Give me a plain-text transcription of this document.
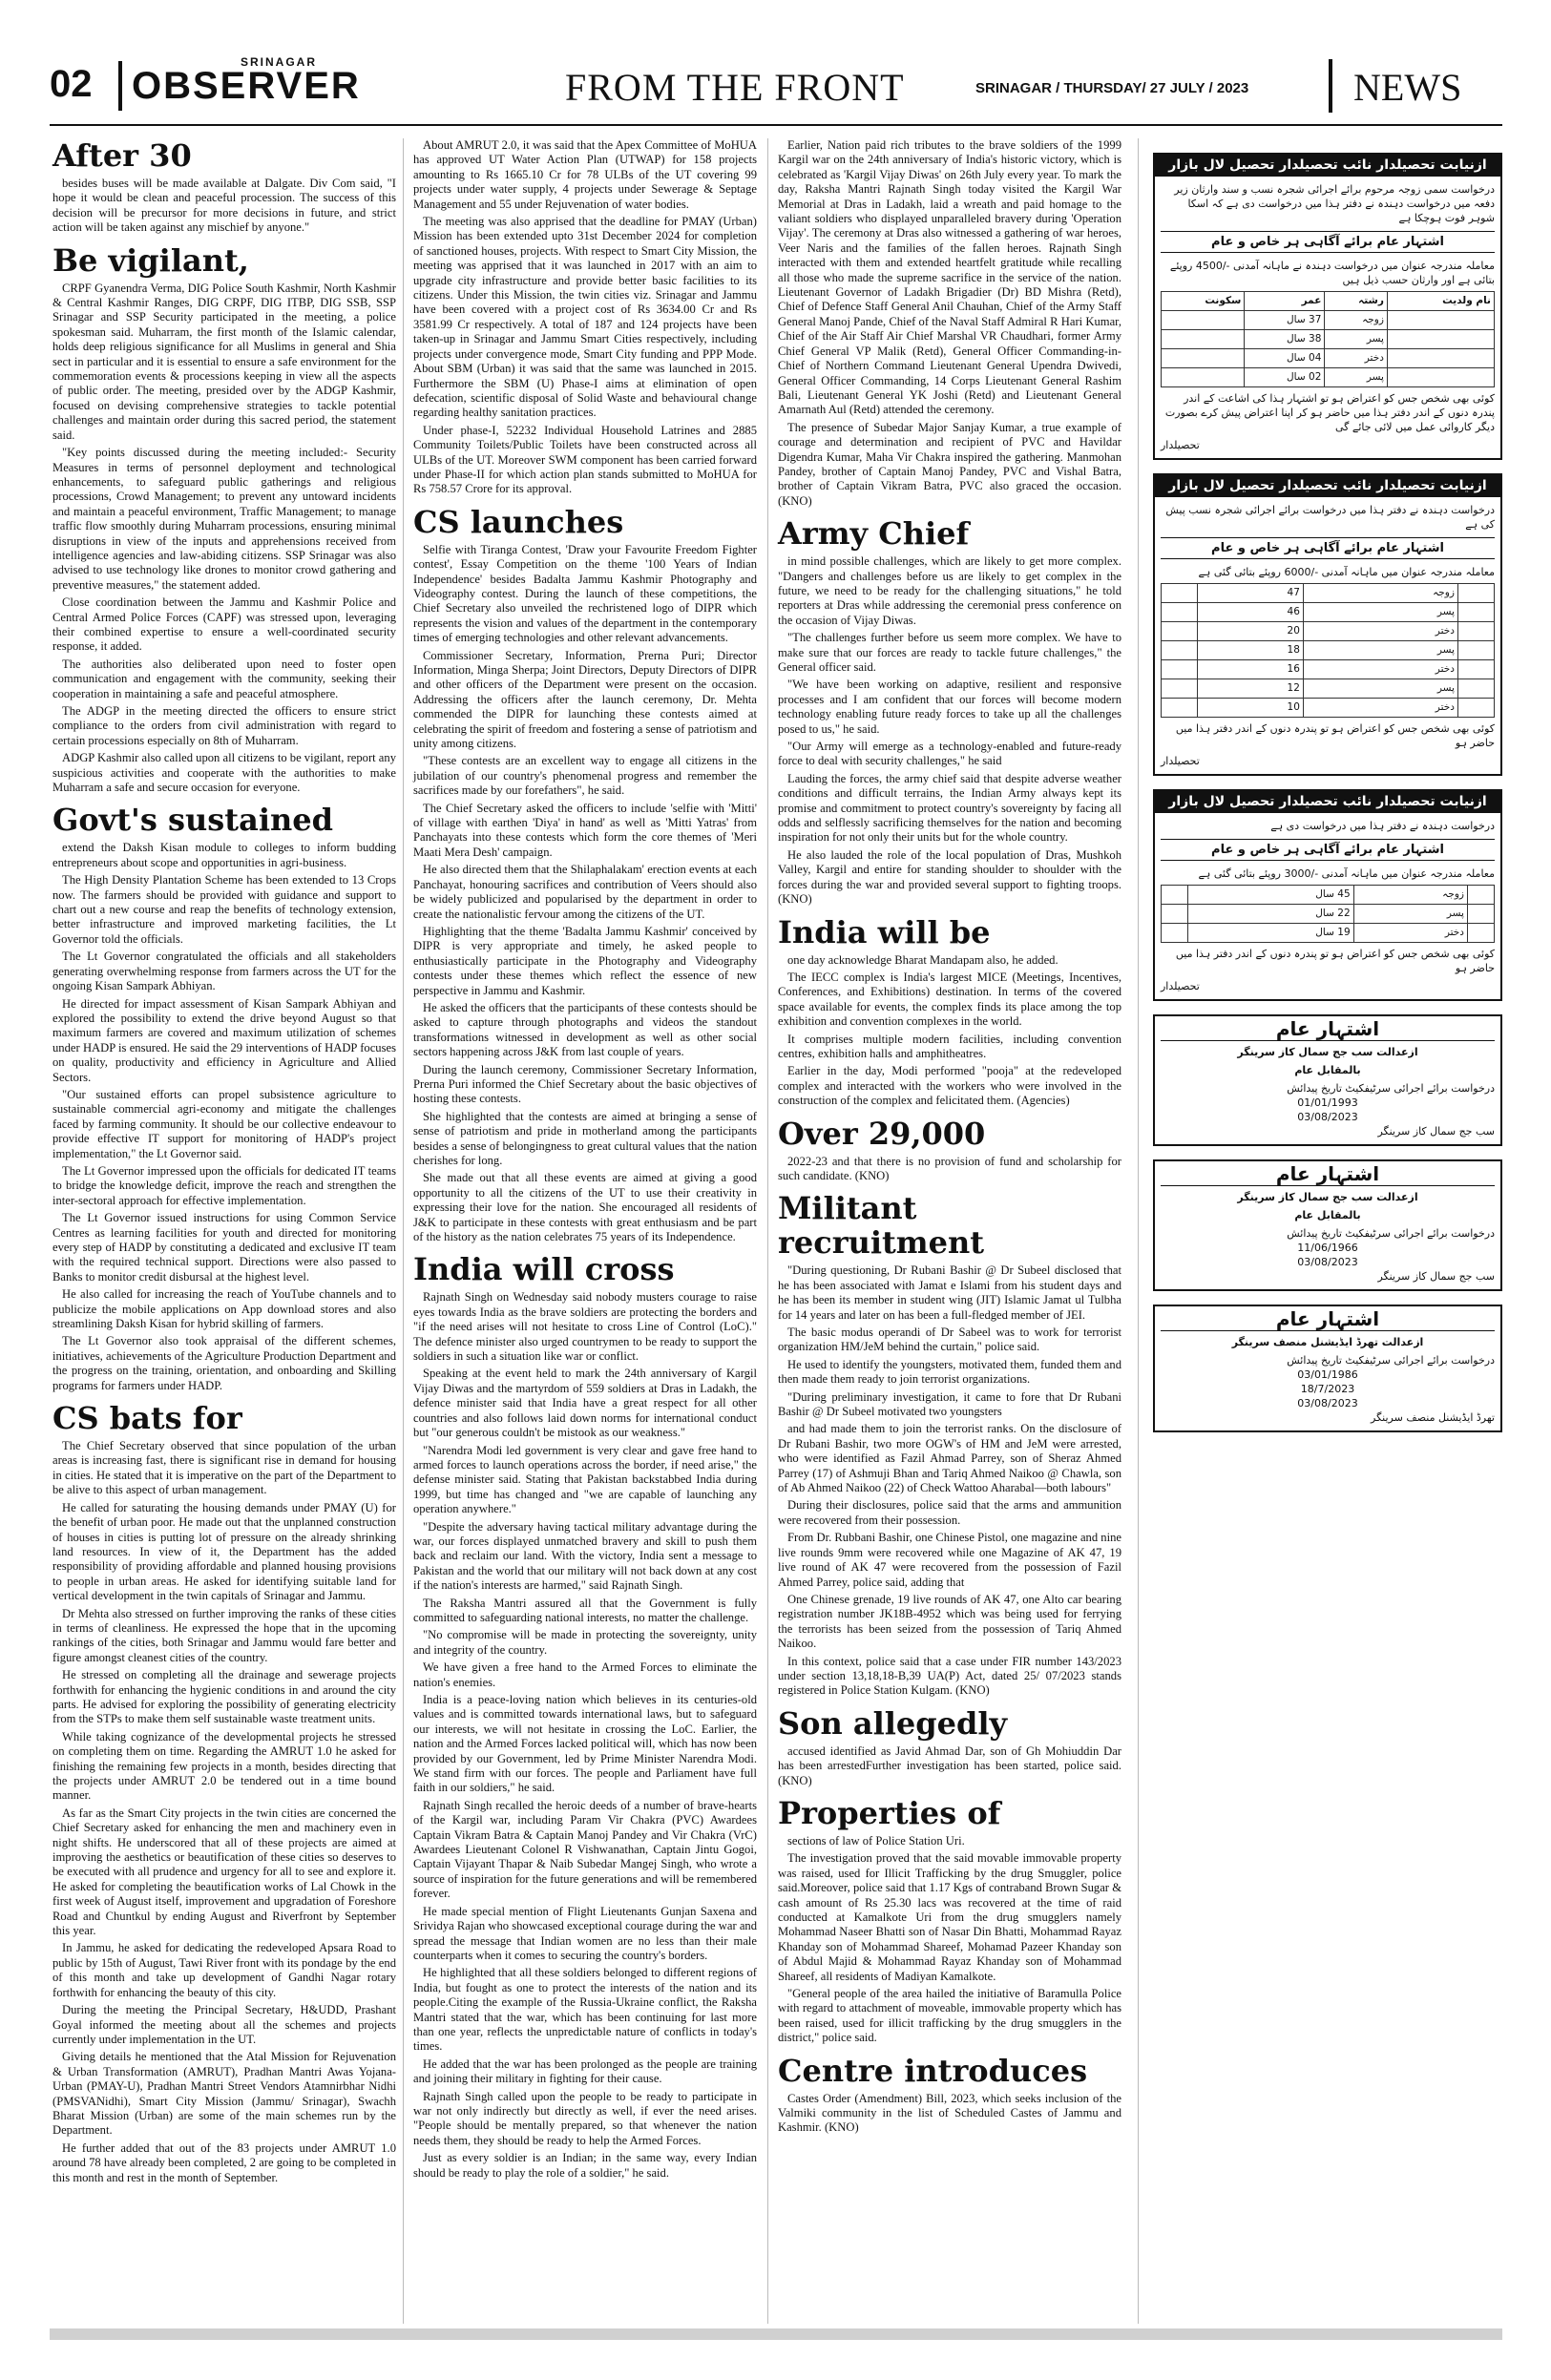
02
SRINAGAR
OBSERVER	FROM THE FRONT	SRINAGAR / THURSDAY/ 27 JULY / 2023	NEWS
After 30

besides buses will be made available at Dalgate. Div Com said, "I hope it would be clean and peaceful procession. The success of this decision will be precursor for more decisions in future, and strict action will be taken against any mischief by anyone."

Be vigilant,

CRPF Gyanendra Verma, DIG Police South Kashmir, North Kashmir & Central Kashmir Ranges, DIG CRPF, DIG ITBP, DIG SSB, SSP Srinagar and SSP Security participated in the meeting, a police spokesman said. Muharram, the first month of the Islamic calendar, holds deep religious significance for all Muslims in general and Shia sect in particular and it is essential to ensure a safe environment for the commemoration events & processions keeping in view all the aspects of public order. The meeting, presided over by the ADGP Kashmir, focused on devising comprehensive strategies to tackle potential challenges and maintain order during this sacred period, the statement said.

"Key points discussed during the meeting included:- Security Measures in terms of personnel deployment and technological enhancements, to safeguard public gatherings and religious processions, Crowd Management; to prevent any untoward incidents and maintain a peaceful environment, Traffic Management; to manage traffic flow smoothly during Muharram processions, ensuring minimal disruptions in view of the inputs and apprehensions received from intelligence agencies and law-abiding citizens. SSP Srinagar was also advised to use technology like drones to monitor crowd gathering and preventive measures," the statement added.

Close coordination between the Jammu and Kashmir Police and Central Armed Police Forces (CAPF) was stressed upon, leveraging their combined expertise to ensure a well-coordinated security response, it added.

The authorities also deliberated upon need to foster open communication and engagement with the community, seeking their cooperation in maintaining a safe and peaceful atmosphere.

The ADGP in the meeting directed the officers to ensure strict compliance to the orders from civil administration with regard to certain processions especially on 8th of Muharram.

ADGP Kashmir also called upon all citizens to be vigilant, report any suspicious activities and cooperate with the authorities to make Muharram a safe and secure occasion for everyone.

Govt's sustained

extend the Daksh Kisan module to colleges to inform budding entrepreneurs about scope and opportunities in agri-business.

The High Density Plantation Scheme has been extended to 13 Crops now. The farmers should be provided with guidance and support to chart out a new course and reap the benefits of technology extension, better infrastructure and improved marketing facilities, the Lt Governor told the officials.

The Lt Governor congratulated the officials and all stakeholders generating overwhelming response from farmers across the UT for the ongoing Kisan Sampark Abhiyan.

He directed for impact assessment of Kisan Sampark Abhiyan and explored the possibility to extend the drive beyond August so that maximum farmers are covered and maximum utilization of schemes under HADP is ensured. He said the 29 interventions of HADP focuses on quality, productivity and efficiency in Agriculture and Allied Sectors.

"Our sustained efforts can propel subsistence agriculture to sustainable commercial agri-economy and mitigate the challenges faced by farming community. It should be our collective endeavour to provide effective IT support for monitoring of HADP's project implementation," the Lt Governor said.

The Lt Governor impressed upon the officials for dedicated IT teams to bridge the knowledge deficit, improve the reach and strengthen the inter-sectoral approach for effective implementation.

The Lt Governor issued instructions for using Common Service Centres as learning facilities for youth and directed for monitoring every step of HADP by constituting a dedicated and exclusive IT team with the required technical support. Directions were also passed to Banks to monitor credit disbursal at the highest level.

He also called for increasing the reach of YouTube channels and to publicize the mobile applications on App download stores and also streamlining Daksh Kisan for hybrid skilling of farmers.

The Lt Governor also took appraisal of the different schemes, initiatives, achievements of the Agriculture Production Department and the progress on the training, orientation, and onboarding and Skilling programs for farmers under HADP.

CS bats for

The Chief Secretary observed that since population of the urban areas is increasing fast, there is significant rise in demand for housing in cities. He stated that it is imperative on the part of the Department to be alive to this aspect of urban management.

He called for saturating the housing demands under PMAY (U) for the benefit of urban poor. He made out that the unplanned construction of houses in cities is putting lot of pressure on the already shrinking land resources. In view of it, the Department has the added responsibility of providing affordable and planned housing provisions to people in urban areas. He asked for identifying suitable land for vertical development in the twin capitals of Srinagar and Jammu.

Dr Mehta also stressed on further improving the ranks of these cities in terms of cleanliness. He expressed the hope that in the upcoming rankings of the cities, both Srinagar and Jammu would fare better and figure amongst cleanest cities of the country.

He stressed on completing all the drainage and sewerage projects forthwith for enhancing the hygienic conditions in and around the city parts. He advised for exploring the possibility of generating electricity from the STPs to make them self sustainable waste treatment units.

While taking cognizance of the developmental projects he stressed on completing them on time. Regarding the AMRUT 1.0 he asked for finishing the remaining few projects in a month, besides directing that the projects under AMRUT 2.0 be tendered out in a time bound manner.

As far as the Smart City projects in the twin cities are concerned the Chief Secretary asked for enhancing the men and machinery even in night shifts. He underscored that all of these projects are aimed at improving the aesthetics or beautification of these cities so deserves to be executed with all prudence and urgency for all to see and explore it. He asked for completing the beautification works of Lal Chowk in the first week of August itself, improvement and upgradation of Foreshore Road and Chuntkul by ending August and Riverfront by September this year.

In Jammu, he asked for dedicating the redeveloped Apsara Road to public by 15th of August, Tawi River front with its pondage by the end of this month and take up development of Gandhi Nagar rotary forthwith for enhancing the beauty of this city.

During the meeting the Principal Secretary, H&UDD, Prashant Goyal informed the meeting about all the schemes and projects currently under implementation in the UT.

Giving details he mentioned that the Atal Mission for Rejuvenation & Urban Transformation (AMRUT), Pradhan Mantri Awas Yojana-Urban (PMAY-U), Pradhan Mantri Street Vendors Atamnirbhar Nidhi (PMSVANidhi), Smart City Mission (Jammu/ Srinagar), Swachh Bharat Mission (Urban) are some of the main schemes run by the Department.

He further added that out of the 83 projects under AMRUT 1.0 around 78 have already been completed, 2 are going to be completed in this month and rest in the month of September.

About AMRUT 2.0, it was said that the Apex Committee of MoHUA has approved UT Water Action Plan (UTWAP) for 158 projects amounting to Rs 1665.10 Cr for 78 ULBs of the UT covering 99 projects under water supply, 4 projects under Sewerage & Septage Management and 55 under Rejuvenation of water bodies.

The meeting was also apprised that the deadline for PMAY (Urban) Mission has been extended upto 31st December 2024 for completion of sanctioned houses, projects. With respect to Smart City Mission, the meeting was apprised that it was launched in 2017 with an aim to upgrade city infrastructure and provide better basic facilities to its citizens. Under this Mission, the twin cities viz. Srinagar and Jammu have been covered with a project cost of Rs 3634.00 Cr and Rs 3581.99 Cr respectively. A total of 187 and 124 projects have been taken-up in Srinagar and Jammu Smart Cities respectively, including projects under convergence mode, Smart City funding and PPP Mode. About SBM (Urban) it was said that the same was launched in 2015. Furthermore the SBM (U) Phase-I aims at elimination of open defecation, scientific disposal of Solid Waste and behavioural change regarding healthy sanitation practices.

Under phase-I, 52232 Individual Household Latrines and 2885 Community Toilets/Public Toilets have been constructed across all ULBs of the UT. Moreover SWM component has been carried forward under Phase-II for which action plan stands submitted to MoHUA for Rs 758.57 Crore for its approval.

CS launches

Selfie with Tiranga Contest, 'Draw your Favourite Freedom Fighter contest', Essay Competition on the theme '100 Years of Indian Independence' besides Badalta Jammu Kashmir Photography and Videography contest. During the launch of these competitions, the Chief Secretary also unveiled the rechristened logo of DIPR which represents the vision and values of the department in the contemporary times of emerging technologies and other relevant advancements.

Commissioner Secretary, Information, Prerna Puri; Director Information, Minga Sherpa; Joint Directors, Deputy Directors of DIPR and other officers of the Department were present on the occasion. Addressing the officers after the launch ceremony, Dr. Mehta commended the DIPR for launching these contests aimed at celebrating the spirit of freedom and fostering a sense of patriotism and unity among citizens.

"These contests are an excellent way to engage all citizens in the jubilation of our country's phenomenal progress and remember the sacrifices made by our forefathers", he said.

The Chief Secretary asked the officers to include 'selfie with 'Mitti' of village with earthen 'Diya' in hand' as well as 'Mitti Yatras' from Panchayats into these contests which form the core themes of 'Meri Maati Mera Desh' campaign.

He also directed them that the Shilaphalakam' erection events at each Panchayat, honouring sacrifices and contribution of Veers should also be widely publicized and popularised by the department in order to create the nationalistic fervour among the citizens of the UT.

Highlighting that the theme 'Badalta Jammu Kashmir' conceived by DIPR is very appropriate and timely, he asked people to enthusiastically participate in the Photography and Videography contests under these themes which reflect the essence of new perspective in Jammu and Kashmir.

He asked the officers that the participants of these contests should be asked to capture through photographs and videos the standout transformations witnessed in development as well as other social sectors happening across J&K from last couple of years.

During the launch ceremony, Commissioner Secretary Information, Prerna Puri informed the Chief Secretary about the basic objectives of hosting these contests.

She highlighted that the contests are aimed at bringing a sense of sense of patriotism and pride in motherland among the participants besides a sense of belongingness to great cultural values that the nation cherishes for long.

She made out that all these events are aimed at giving a good opportunity to all the citizens of the UT to use their creativity in expressing their love for the nation. She encouraged all residents of J&K to participate in these contests with great enthusiasm and be part of the history as the nation celebrates 75 years of its Independence.

India will cross

Rajnath Singh on Wednesday said nobody musters courage to raise eyes towards India as the brave soldiers are protecting the borders and "if the need arises will not hesitate to cross Line of Control (LoC)." The defence minister also urged countrymen to be ready to support the soldiers in such a situation like war or conflict.

Speaking at the event held to mark the 24th anniversary of Kargil Vijay Diwas and the martyrdom of 559 soldiers at Dras in Ladakh, the defence minister said that India have a great respect for all other countries and also follows laid down norms for international conduct but "our generous couldn't be mistook as our weakness."

"Narendra Modi led government is very clear and gave free hand to armed forces to launch operations across the border, if need arise," the defense minister said. Stating that Pakistan backstabbed India during 1999, but time has changed and "we are capable of launching any operation anywhere."

"Despite the adversary having tactical military advantage during the war, our forces displayed unmatched bravery and skill to push them back and reclaim our land. With the victory, India sent a message to Pakistan and the world that our military will not back down at any cost if the nation's interests are harmed," said Rajnath Singh.

The Raksha Mantri assured all that the Government is fully committed to safeguarding national interests, no matter the challenge.

"No compromise will be made in protecting the sovereignty, unity and integrity of the country.

We have given a free hand to the Armed Forces to eliminate the nation's enemies.

India is a peace-loving nation which believes in its centuries-old values and is committed towards international laws, but to safeguard our interests, we will not hesitate in crossing the LoC. Earlier, the nation and the Armed Forces lacked political will, which has now been provided by our Government, led by Prime Minister Narendra Modi. We stand firm with our forces. The people and Parliament have full faith in our soldiers," he said.

Rajnath Singh recalled the heroic deeds of a number of brave-hearts of the Kargil war, including Param Vir Chakra (PVC) Awardees Captain Vikram Batra & Captain Manoj Pandey and Vir Chakra (VrC) Awardees Lieutenant Colonel R Vishwanathan, Captain Jintu Gogoi, Captain Vijayant Thapar & Naib Subedar Mangej Singh, who wrote a source of inspiration for the future generations and will be remembered forever.

He made special mention of Flight Lieutenants Gunjan Saxena and Srividya Rajan who showcased exceptional courage during the war and spread the message that Indian women are no less than their male counterparts when it comes to securing the country's borders.

He highlighted that all these soldiers belonged to different regions of India, but fought as one to protect the interests of the nation and its people.Citing the example of the Russia-Ukraine conflict, the Raksha Mantri stated that the war, which has been continuing for last more than one year, reflects the unpredictable nature of conflicts in today's times.

He added that the war has been prolonged as the people are training and joining their military in fighting for their cause.

Rajnath Singh called upon the people to be ready to participate in war not only indirectly but directly as well, if ever the need arises. "People should be mentally prepared, so that whenever the nation needs them, they should be ready to help the Armed Forces.

Just as every soldier is an Indian; in the same way, every Indian should be ready to play the role of a soldier," he said.

Earlier, Nation paid rich tributes to the brave soldiers of the 1999 Kargil war on the 24th anniversary of India's historic victory, which is celebrated as 'Kargil Vijay Diwas' on 26th July every year. To mark the day, Raksha Mantri Rajnath Singh today visited the Kargil War Memorial at Dras in Ladakh, laid a wreath and paid homage to the valiant soldiers who displayed unparalleled bravery during 'Operation Vijay'. The ceremony at Dras also witnessed a gathering of war heroes, Veer Naris and the families of the fallen heroes. Rajnath Singh interacted with them and extended heartfelt gratitude while recalling all those who made the supreme sacrifice in the service of the nation. Lieutenant Governor of Ladakh Brigadier (Dr) BD Mishra (Retd), Chief of Defence Staff General Anil Chauhan, Chief of the Army Staff General Manoj Pande, Chief of the Naval Staff Admiral R Hari Kumar, Chief of the Air Staff Air Chief Marshal VR Chaudhari, former Army Chief General VP Malik (Retd), General Officer Commanding-in-Chief of Northern Command Lieutenant General Upendra Dwivedi, General Officer Commanding, 14 Corps Lieutenant General Rashim Bali, Lieutenant General YK Joshi (Retd) and Lieutenant General Amarnath Aul (Retd) attended the ceremony.

The presence of Subedar Major Sanjay Kumar, a true example of courage and determination and recipient of PVC and Havildar Digendra Kumar, Maha Vir Chakra inspired the gathering. Manmohan Pandey, brother of Captain Manoj Pandey, PVC and Vishal Batra, brother of Captain Vikram Batra, PVC also graced the occasion. (KNO)

Army Chief

in mind possible challenges, which are likely to get more complex. "Dangers and challenges before us are likely to get complex in the future, we need to be ready for the challenging situations," he told reporters at Dras while addressing the ceremonial press conference on the occasion of Vijay Diwas.

"The challenges further before us seem more complex. We have to make sure that our forces are ready to tackle future challenges," the General officer said.

"We have been working on adaptive, resilient and responsive processes and I am confident that our forces will become modern technology enabling future ready forces to take up all the challenges posed to us," he said.

"Our Army will emerge as a technology-enabled and future-ready force to deal with security challenges," he said

Lauding the forces, the army chief said that despite adverse weather conditions and difficult terrains, the Indian Army always kept its promise and commitment to protect country's sovereignty by facing all odds and selflessly sacrificing themselves for the nation and becoming inspiration for not only their units but for the whole country.

He also lauded the role of the local population of Dras, Mushkoh Valley, Kargil and entire for standing shoulder to shoulder with the forces during the war and provided several support to fighting troops. (KNO)

India will be

one day acknowledge Bharat Mandapam also, he added.

The IECC complex is India's largest MICE (Meetings, Incentives, Conferences, and Exhibitions) destination. In terms of the covered space available for events, the complex finds its place among the top exhibition and convention complexes in the world.

It comprises multiple modern facilities, including convention centres, exhibition halls and amphitheatres.

Earlier in the day, Modi performed "pooja" at the redeveloped complex and interacted with the workers who were involved in the construction of the complex and felicitated them. (Agencies)

Over 29,000

2022-23 and that there is no provision of fund and scholarship for such candidate. (KNO)

Militant recruitment

"During questioning, Dr Rubani Bashir @ Dr Subeel disclosed that he has been associated with Jamat e Islami from his student days and he has been its member in student wing (JIT) Islamic Jamat ul Tulbha for 14 years and later on has been a full-fledged member of JEI.

The basic modus operandi of Dr Sabeel was to work for terrorist organization HM/JeM behind the curtain," police said.

He used to identify the youngsters, motivated them, funded them and then made them ready to join terrorist organizations.

"During preliminary investigation, it came to fore that Dr Rubani Bashir @ Dr Subeel motivated two youngsters

and had made them to join the terrorist ranks. On the disclosure of Dr Rubani Bashir, two more OGW's of HM and JeM were arrested, who were identified as Fazil Ahmad Parrey, son of Sheraz Ahmed Parrey (17) of Ashmuji Bhan and Tariq Ahmed Naikoo @ Chawla, son of Ab Ahmed Naikoo (22) of Check Wattoo Aharabal—both labours"

During their disclosures, police said that the arms and ammunition were recovered from their possession.

From Dr. Rubbani Bashir, one Chinese Pistol, one magazine and nine live rounds 9mm were recovered while one Magazine of AK 47, 19 live round of AK 47 were recovered from the possession of Fazil Ahmed Parrey, police said, adding that

One Chinese grenade, 19 live rounds of AK 47, one Alto car bearing registration number JK18B-4952 which was being used for ferrying the terrorists has been seized from the possession of Tariq Ahmed Naikoo.

In this context, police said that a case under FIR number 143/2023 under section 13,18,18-B,39 UA(P) Act, dated 25/ 07/2023 stands registered in Police Station Kulgam. (KNO)

Son allegedly

accused identified as Javid Ahmad Dar, son of Gh Mohiuddin Dar has been arrestedFurther investigation has been started, police said. (KNO)

Properties of

sections of law of Police Station Uri.

The investigation proved that the said movable immovable property was raised, used for Illicit Trafficking by the drug Smuggler, police said.Moreover, police said that 1.17 Kgs of contraband Brown Sugar & cash amount of Rs 25.30 lacs was recovered at the time of raid conducted at Kamalkote Uri from the drug smugglers namely Mohammad Naseer Bhatti son of Nasar Din Bhatti, Mohammad Rayaz Khanday son of Mohammad Shareef, Mohamad Pazeer Khanday son of Abdul Majid & Mohammad Rayaz Khanday son of Mohammad Shareef, all residents of Madiyan Kamalkote.

"General people of the area hailed the initiative of Baramulla Police with regard to attachment of moveable, immovable property which has been raised, used for illicit trafficking by the drug smugglers in the district," police said.

Centre introduces

Castes Order (Amendment) Bill, 2023, which seeks inclusion of the Valmiki community in the list of Scheduled Castes of Jammu and Kashmir. (KNO)

ازنیابت تحصیلدار نائب تحصیلدار تحصیل لال بازار
درخواست سمی زوجہ مرحوم برائے اجرائی شجرہ نسب و سند وارثان زیر دفعہ میں درخواست دہندہ نے دفتر ہذا میں درخواست دی ہے کہ اسکا شوہر فوت ہوچکا ہے
اشتہار عام برائے آگاہی ہر خاص و عام
معاملہ مندرجہ عنوان میں درخواست دہندہ نے ماہانہ آمدنی -/4500 روپئے بتائی ہے اور وارثان حسب ذیل ہیں
نام ولدیت	رشتہ	عمر	سکونت
	زوجہ	37 سال	
	پسر	38 سال	
	دختر	04 سال	
	پسر	02 سال	
کوئی بھی شخص جس کو اعتراض ہو تو اشتہار ہذا کی اشاعت کے اندر پندرہ دنوں کے اندر دفتر ہذا میں حاضر ہو کر اپنا اعتراض پیش کرے بصورت دیگر کاروائی عمل میں لائی جائے گی
تحصیلدار
ازنیابت تحصیلدار نائب تحصیلدار تحصیل لال بازار
درخواست دہندہ نے دفتر ہذا میں درخواست برائے اجرائی شجرہ نسب پیش کی ہے
اشتہار عام برائے آگاہی ہر خاص و عام
معاملہ مندرجہ عنوان میں ماہانہ آمدنی -/6000 روپئے بتائی گئی ہے
	زوجہ	47	
	پسر	46	
	دختر	20	
	پسر	18	
	دختر	16	
	پسر	12	
	دختر	10	
کوئی بھی شخص جس کو اعتراض ہو تو پندرہ دنوں کے اندر دفتر ہذا میں حاضر ہو
تحصیلدار
ازنیابت تحصیلدار نائب تحصیلدار تحصیل لال بازار
درخواست دہندہ نے دفتر ہذا میں درخواست دی ہے
اشتہار عام برائے آگاہی ہر خاص و عام
معاملہ مندرجہ عنوان میں ماہانہ آمدنی -/3000 روپئے بتائی گئی ہے
	زوجہ	45 سال	
	پسر	22 سال	
	دختر	19 سال	
کوئی بھی شخص جس کو اعتراض ہو تو پندرہ دنوں کے اندر دفتر ہذا میں حاضر ہو
تحصیلدار
اشتہار عام
ازعدالت سب جج سمال کاز سرینگر
بالمقابل عام
درخواست برائے اجرائی سرٹیفکیٹ تاریخ پیدائش
01/01/1993
03/08/2023
سب جج سمال کاز سرینگر
اشتہار عام
ازعدالت سب جج سمال کاز سرینگر
بالمقابل عام
درخواست برائے اجرائی سرٹیفکیٹ تاریخ پیدائش
11/06/1966
03/08/2023
سب جج سمال کاز سرینگر
اشتہار عام
ازعدالت تھرڈ ایڈیشنل منصف سرینگر
درخواست برائے اجرائی سرٹیفکیٹ تاریخ پیدائش
03/01/1986
18/7/2023
03/08/2023
تھرڈ ایڈیشنل منصف سرینگر
